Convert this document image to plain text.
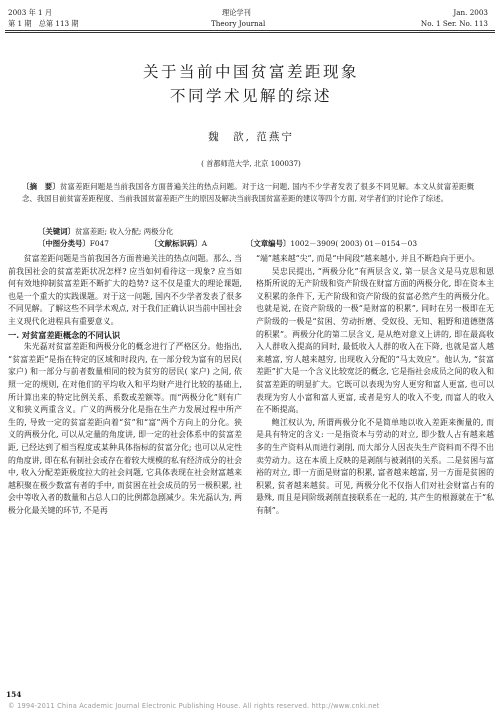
2003 年 1 月
第 1 期　总第 113 期
理论学刊
Theory Journal
Jan. 2003
No. 1 Ser. No. 113
关于当前中国贫富差距现象
不同学术见解的综述
魏　歆, 范燕宁
( 首都师范大学, 北京 100037)
〔摘　要〕贫富差距问题是当前我国各方面普遍关注的热点问题。对于这一问题, 国内不少学者发表了很多不同见解。本文从贫富差距概念、我国目前贫富差距程度、当前我国贫富差距产生的原因及解决当前我国贫富差距的建议等四个方面, 对学者们的讨论作了综述。
〔关键词〕贫富差距; 收入分配; 两极分化
〔中图分类号〕F047	〔文献标识码〕A	〔文章编号〕1002－3909( 2003) 01－0154－03

贫富差距问题是当前我国各方面普遍关注的热点问题。那么, 当前我国社会的贫富差距状况怎样? 应当如何看待这一现象? 应当如何有效地抑制贫富差距不断扩大的趋势? 这不仅是重大的理论课题, 也是一个重大的实践课题。对于这一问题, 国内不少学者发表了很多不同见解。了解这些不同学术观点, 对于我们正确认识当前中国社会主义现代化进程具有重要意义。

一. 对贫富差距概念的不同认识

朱光磊对贫富差距和两极分化的概念进行了严格区分。他指出, “贫富差距”是指在特定的区域和时段内, 在一部分较为富有的居民( 家户) 和一部分与前者数量相同的较为贫穷的居民( 家户) 之间, 依照一定的规则, 在对他们的平均收入和平均财产进行比较的基础上, 所计算出来的特定比例关系、系数或差额等。而“两极分化”则有广义和狭义两重含义。广义的两极分化是指在生产力发展过程中所产生的, 导致一定的贫富差距向着“贫”和“富”两个方向上的分化。狭义的两极分化, 可以从定量的角度讲, 即一定的社会体系中的贫富差距, 已经达到了相当程度或某种具体指标的贫富分化; 也可以从定性的角度讲, 即在私有制社会或存在着较大规模的私有经济成分的社会中, 收入分配差距极度拉大的社会问题, 它具体表现在社会财富越来越积聚在极少数富有者的手中, 而贫困在社会成员的另一极积累, 社会中等收入者的数量和占总人口的比例都急剧减少。朱光磊认为, 两极分化最关键的环节, 不是再

“端”越来越“尖”, 而是“中间段”越来越小, 并且不断趋向于更小。

吴忠民提出, “两极分化”有两层含义, 第一层含义是马克思和恩格斯所说的无产阶级和资产阶级在财富方面的两极分化, 即在资本主义积累的条件下, 无产阶级和资产阶级的贫富必然产生的两极分化。也就是说, 在资产阶级的一极“是财富的积累”, 同时在另一极即在无产阶级的一极是“贫困、劳动折磨、受奴役、无知、粗野和道德堕落的积累”。两极分化的第二层含义, 是从绝对意义上讲的, 即在最高收入人群收入提高的同时, 最低收入人群的收入在下降, 也就是富人越来越富, 穷人越来越穷, 出现收入分配的“马太效应”。他认为, “贫富差距”扩大是一个含义比较宽泛的概念, 它是指社会成员之间的收入和贫富差距的明显扩大。它既可以表现为穷人更穷和富人更富, 也可以表现为穷人小富和富人更富, 或者是穷人的收入不变, 而富人的收入在不断提高。

鲍江权认为, 所谓两极分化不是简单地以收入差距来衡量的, 而是具有特定的含义: 一是指资本与劳动的对立, 即少数人占有越来越多的生产资料从而进行剥削, 而大部分人因丧失生产资料而不得不出卖劳动力。这在本质上反映的是剥削与被剥削的关系。二是贫困与富裕的对立, 即一方面是财富的积累, 富者越来越富, 另一方面是贫困的积累, 贫者越来越贫。可见, 两极分化不仅指人们对社会财富占有的悬殊, 而且是同阶级剥削直接联系在一起的, 其产生的根源就在于“私有制”。

154
© 1994-2011 China Academic Journal Electronic Publishing House. All rights reserved. http://www.cnki.net
